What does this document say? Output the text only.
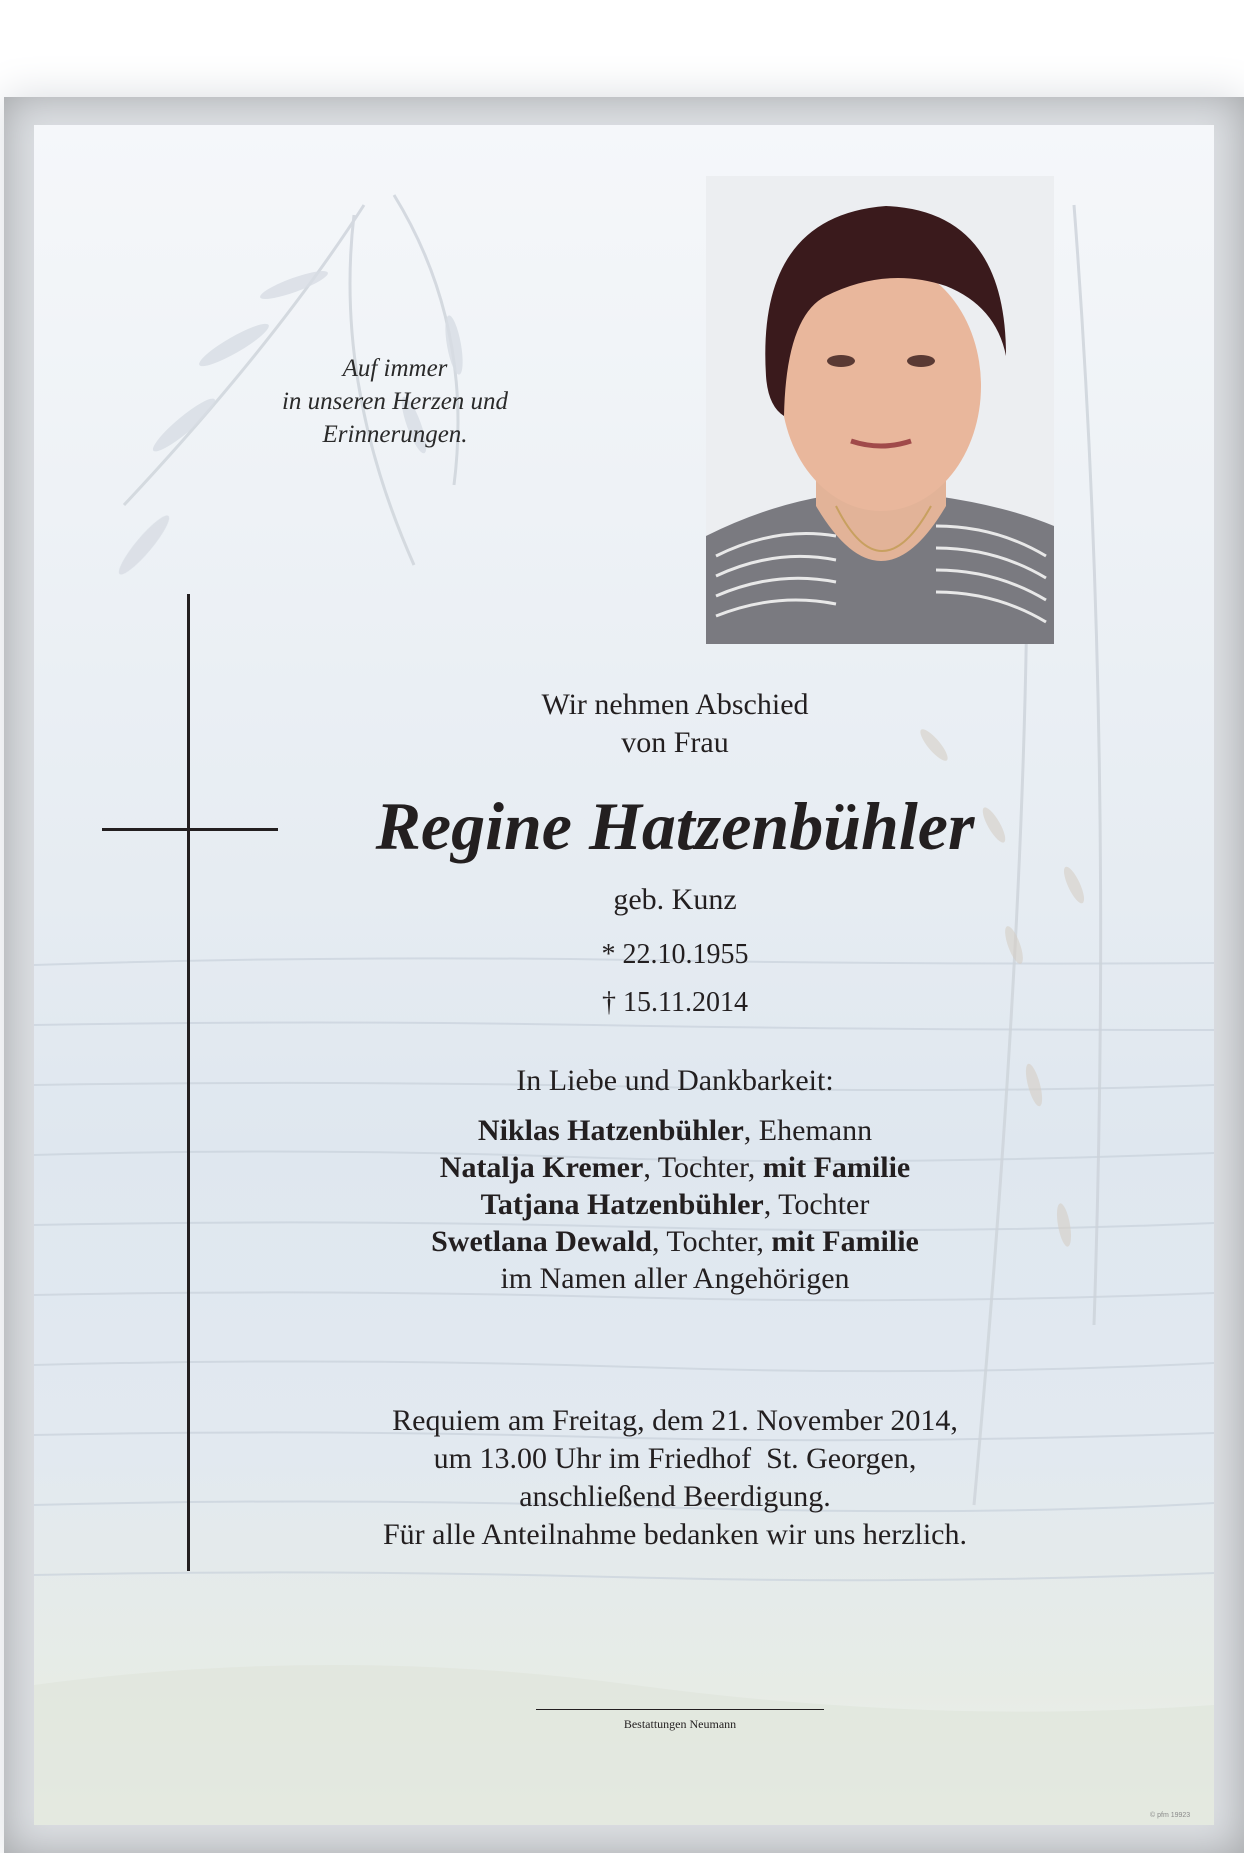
Auf immer
in unseren Herzen und
Erinnerungen.
Wir nehmen Abschied
von Frau
Regine Hatzenbühler
geb. Kunz
* 22.10.1955
† 15.11.2014
In Liebe und Dankbarkeit:
Niklas Hatzenbühler, Ehemann
Natalja Kremer, Tochter, mit Familie
Tatjana Hatzenbühler, Tochter
Swetlana Dewald, Tochter, mit Familie
im Namen aller Angehörigen
Requiem am Freitag, dem 21. November 2014,
um 13.00 Uhr im Friedhof  St. Georgen,
anschließend Beerdigung.
Für alle Anteilnahme bedanken wir uns herzlich.
Bestattungen Neumann
© pfm 19923
